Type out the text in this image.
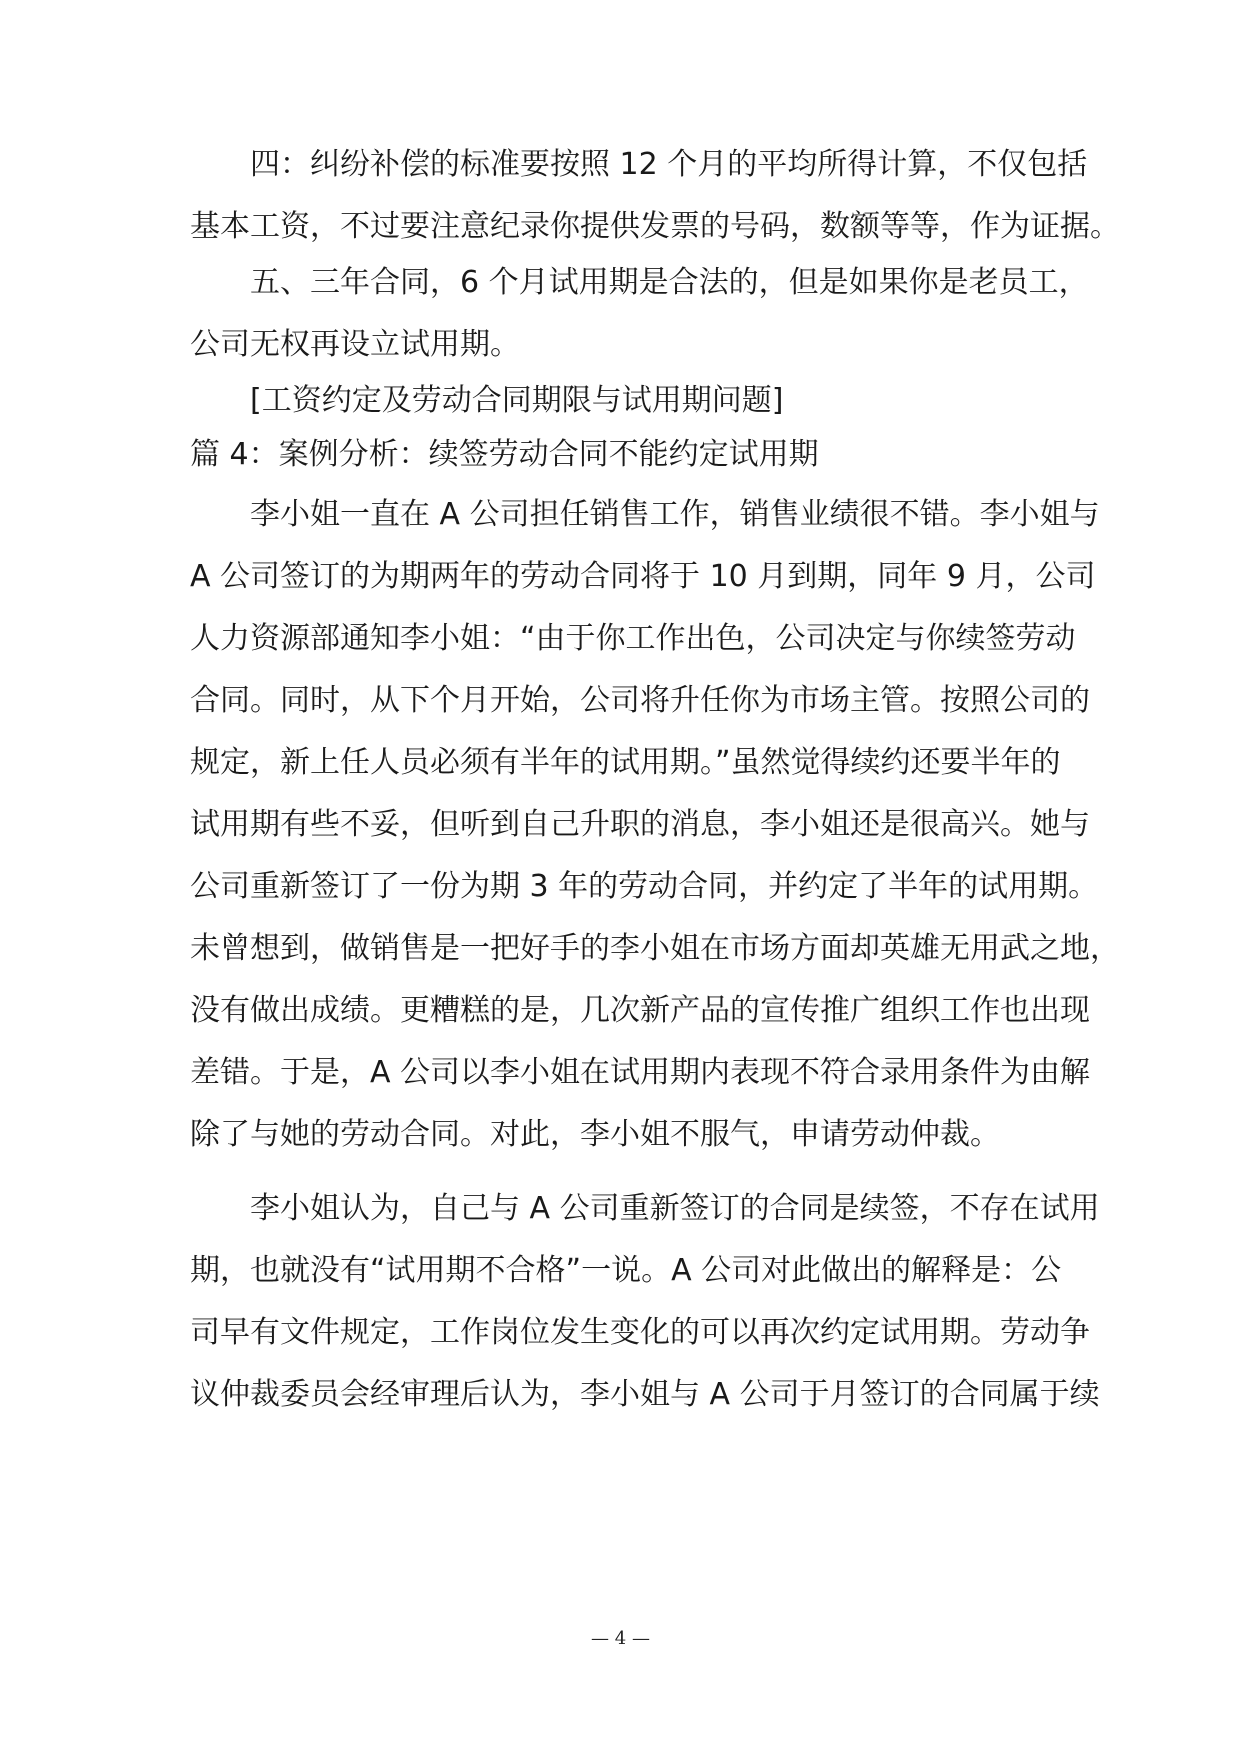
四：纠纷补偿的标准要按照 12 个月的平均所得计算，不仅包括
基本工资，不过要注意纪录你提供发票的号码，数额等等，作为证据。
五、三年合同，6 个月试用期是合法的，但是如果你是老员工，
公司无权再设立试用期。
[工资约定及劳动合同期限与试用期问题]
篇 4：案例分析：续签劳动合同不能约定试用期
李小姐一直在 A 公司担任销售工作，销售业绩很不错。李小姐与
A 公司签订的为期两年的劳动合同将于 10 月到期，同年 9 月，公司
人力资源部通知李小姐：“由于你工作出色，公司决定与你续签劳动
合同。同时，从下个月开始，公司将升任你为市场主管。按照公司的
规定，新上任人员必须有半年的试用期。”虽然觉得续约还要半年的
试用期有些不妥，但听到自己升职的消息，李小姐还是很高兴。她与
公司重新签订了一份为期 3 年的劳动合同，并约定了半年的试用期。
未曾想到，做销售是一把好手的李小姐在市场方面却英雄无用武之地，
没有做出成绩。更糟糕的是，几次新产品的宣传推广组织工作也出现
差错。于是，A 公司以李小姐在试用期内表现不符合录用条件为由解
除了与她的劳动合同。对此，李小姐不服气，申请劳动仲裁。
李小姐认为，自己与 A 公司重新签订的合同是续签，不存在试用
期，也就没有“试用期不合格”一说。A 公司对此做出的解释是：公
司早有文件规定，工作岗位发生变化的可以再次约定试用期。劳动争
议仲裁委员会经审理后认为，李小姐与 A 公司于月签订的合同属于续
— 4 —
